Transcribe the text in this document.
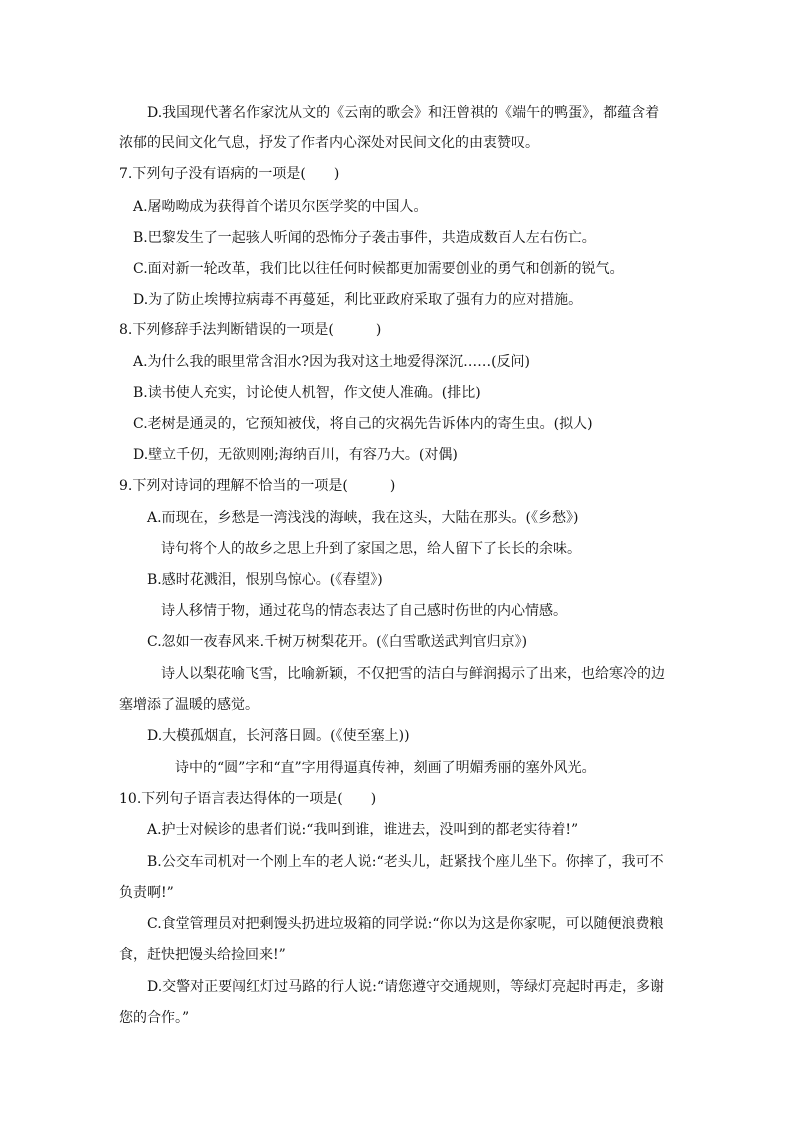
D.我国现代著名作家沈从文的《云南的歌会》和汪曾祺的《端午的鸭蛋》，都蕴含着
浓郁的民间文化气息，抒发了作者内心深处对民间文化的由衷赞叹。
7.下列句子没有语病的一项是(　　)
A.屠呦呦成为获得首个诺贝尔医学奖的中国人。
B.巴黎发生了一起骇人听闻的恐怖分子袭击事件，共造成数百人左右伤亡。
C.面对新一轮改革，我们比以往任何时候都更加需要创业的勇气和创新的锐气。
D.为了防止埃博拉病毒不再蔓延，利比亚政府采取了强有力的应对措施。
8.下列修辞手法判断错误的一项是(　　　)
A.为什么我的眼里常含泪水?因为我对这土地爱得深沉……(反问)
B.读书使人充实，讨论使人机智，作文使人准确。(排比)
C.老树是通灵的，它预知被伐，将自己的灾祸先告诉体内的寄生虫。(拟人)
D.壁立千仞，无欲则刚;海纳百川，有容乃大。(对偶)
9.下列对诗词的理解不恰当的一项是(　　　)
A.而现在，乡愁是一湾浅浅的海峡，我在这头，大陆在那头。(《乡愁》)
诗句将个人的故乡之思上升到了家国之思，给人留下了长长的余味。
B.感时花溅泪，恨别鸟惊心。(《春望》)
诗人移情于物，通过花鸟的情态表达了自己感时伤世的内心情感。
C.忽如一夜春风来.千树万树梨花开。(《白雪歌送武判官归京》)
诗人以梨花喻飞雪，比喻新颖，不仅把雪的洁白与鲜润揭示了出来，也给寒冷的边
塞增添了温暖的感觉。
D.大模孤烟直，长河落日圆。(《使至塞上))
诗中的“圆”字和“直”字用得逼真传神，刻画了明媚秀丽的塞外风光。
10.下列句子语言表达得体的一项是(　　)
A.护士对候诊的患者们说:“我叫到谁，谁进去，没叫到的都老实待着!”
B.公交车司机对一个刚上车的老人说:“老头儿，赶紧找个座儿坐下。你摔了，我可不
负责啊!”
C.食堂管理员对把剩馒头扔进垃圾箱的同学说:“你以为这是你家呢，可以随便浪费粮
食，赶快把馒头给捡回来!”
D.交警对正要闯红灯过马路的行人说:“请您遵守交通规则，等绿灯亮起时再走，多谢
您的合作。”
